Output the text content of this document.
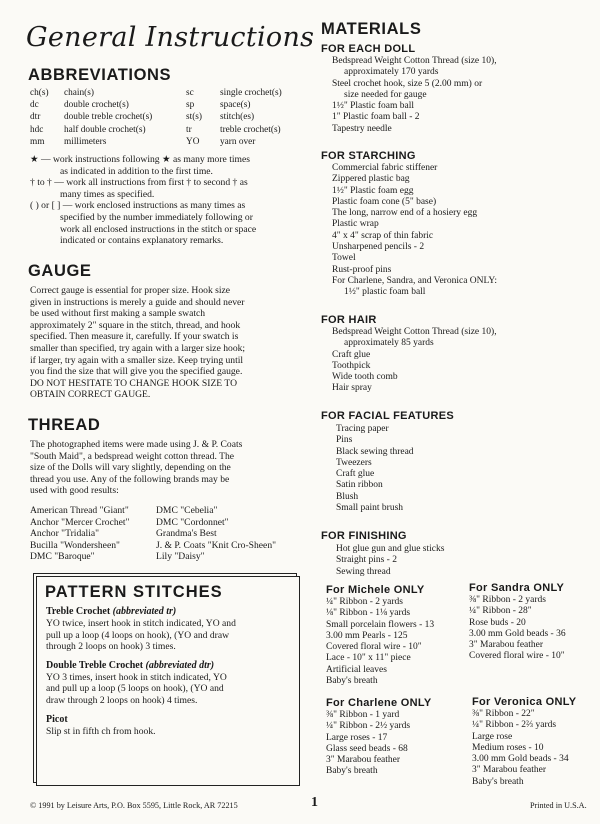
General Instructions
ABBREVIATIONS
ch(s) chain(s)	sc	single crochet(s)
dc	double crochet(s)	sp	space(s)
dtr	double treble crochet(s)	st(s) stitch(es)
hdc half double crochet(s)	tr	treble crochet(s)
mm millimeters	YO yarn over
★ — work instructions following ★ as many more times
as indicated in addition to the first time.
† to † — work all instructions from first † to second † as
many times as specified.
( ) or [ ] — work enclosed instructions as many times as
specified by the number immediately following or
work all enclosed instructions in the stitch or space
indicated or contains explanatory remarks.
GAUGE
Correct gauge is essential for proper size. Hook size
given in instructions is merely a guide and should never
be used without first making a sample swatch
approximately 2" square in the stitch, thread, and hook
specified. Then measure it, carefully. If your swatch is
smaller than specified, try again with a larger size hook;
if larger, try again with a smaller size. Keep trying until
you find the size that will give you the specified gauge.
DO NOT HESITATE TO CHANGE HOOK SIZE TO
OBTAIN CORRECT GAUGE.
THREAD
The photographed items were made using J. & P. Coats
"South Maid", a bedspread weight cotton thread. The
size of the Dolls will vary slightly, depending on the
thread you use. Any of the following brands may be
used with good results:
American Thread "Giant"	DMC "Cebelia"
Anchor "Mercer Crochet"	DMC "Cordonnet"
Anchor "Tridalia"	Grandma's Best
Bucilla "Wondersheen"	J. & P. Coats "Knit Cro-Sheen"
DMC "Baroque"	Lily "Daisy"
PATTERN STITCHES
Treble Crochet (abbreviated tr)
YO twice, insert hook in stitch indicated, YO and
pull up a loop (4 loops on hook), (YO and draw
through 2 loops on hook) 3 times.
Double Treble Crochet (abbreviated dtr)
YO 3 times, insert hook in stitch indicated, YO
and pull up a loop (5 loops on hook), (YO and
draw through 2 loops on hook) 4 times.
Picot
Slip st in fifth ch from hook.
MATERIALS
FOR EACH DOLL
Bedspread Weight Cotton Thread (size 10),
approximately 170 yards
Steel crochet hook, size 5 (2.00 mm) or
size needed for gauge
1½" Plastic foam ball
1" Plastic foam ball - 2
Tapestry needle
FOR STARCHING
Commercial fabric stiffener
Zippered plastic bag
1½" Plastic foam egg
Plastic foam cone (5" base)
The long, narrow end of a hosiery egg
Plastic wrap
4" x 4" scrap of thin fabric
Unsharpened pencils - 2
Towel
Rust-proof pins
For Charlene, Sandra, and Veronica ONLY:
1½" plastic foam ball
FOR HAIR
Bedspread Weight Cotton Thread (size 10),
approximately 85 yards
Craft glue
Toothpick
Wide tooth comb
Hair spray
FOR FACIAL FEATURES
Tracing paper
Pins
Black sewing thread
Tweezers
Craft glue
Satin ribbon
Blush
Small paint brush
FOR FINISHING
Hot glue gun and glue sticks
Straight pins - 2
Sewing thread
For Michele ONLY
¼" Ribbon - 2 yards
⅛" Ribbon - 1⅛ yards
Small porcelain flowers - 13
3.00 mm Pearls - 125
Covered floral wire - 10"
Lace - 10" x 11" piece
Artificial leaves
Baby's breath
For Sandra ONLY
⅜" Ribbon - 2 yards
¼" Ribbon - 28"
Rose buds - 20
3.00 mm Gold beads - 36
3" Marabou feather
Covered floral wire - 10"
For Charlene ONLY
⅜" Ribbon - 1 yard
¼" Ribbon - 2½ yards
Large roses - 17
Glass seed beads - 68
3" Marabou feather
Baby's breath
For Veronica ONLY
⅜" Ribbon - 22"
¼" Ribbon - 2⅔ yards
Large rose
Medium roses - 10
3.00 mm Gold beads - 34
3" Marabou feather
Baby's breath
© 1991 by Leisure Arts, P.O. Box 5595, Little Rock, AR 72215	1	Printed in U.S.A.
